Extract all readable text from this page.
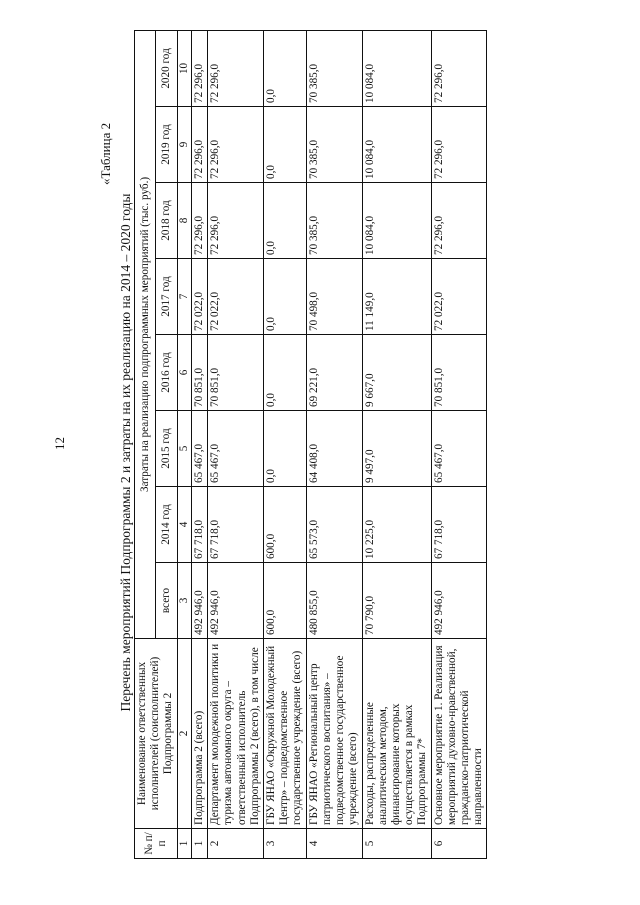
12
«Таблица 2
Перечень мероприятий Подпрограммы 2 и затраты на их реализацию на 2014 – 2020 годы
№ п/п	Наименование ответственных исполнителей (соисполнителей) Подпрограммы 2	Затраты на реализацию подпрограммных мероприятий (тыс. руб.)							
		всего	2014 год	2015 год	2016 год	2017 год	2018 год	2019 год	2020 год
1	2	3	4	5	6	7	8	9	10
1	Подпрограмма 2 (всего)	492 946,0	67 718,0	65 467,0	70 851,0	72 022,0	72 296,0	72 296,0	72 296,0
2	Департамент молодежной политики и туризма автономного округа – ответственный исполнитель Подпрограммы 2 (всего), в том числе	492 946,0	67 718,0	65 467,0	70 851,0	72 022,0	72 296,0	72 296,0	72 296,0
3	ГБУ ЯНАО «Окружной Молодежный Центр» – подведомственное государственное учреждение (всего)	600,0	600,0	0,0	0,0	0,0	0,0	0,0	0,0
4	ГБУ ЯНАО «Региональный центр патриотического воспитания» – подведомственное государственное учреждение (всего)	480 855,0	65 573,0	64 408,0	69 221,0	70 498,0	70 385,0	70 385,0	70 385,0
5	Расходы, распределенные аналитическим методом, финансирование которых осуществляется в рамках Подпрограммы 7*	70 790,0	10 225,0	9 497,0	9 667,0	11 149,0	10 084,0	10 084,0	10 084,0
6	Основное мероприятие 1. Реализация мероприятий духовно-нравственной, гражданско-патриотической направленности	492 946,0	67 718,0	65 467,0	70 851,0	72 022,0	72 296,0	72 296,0	72 296,0
